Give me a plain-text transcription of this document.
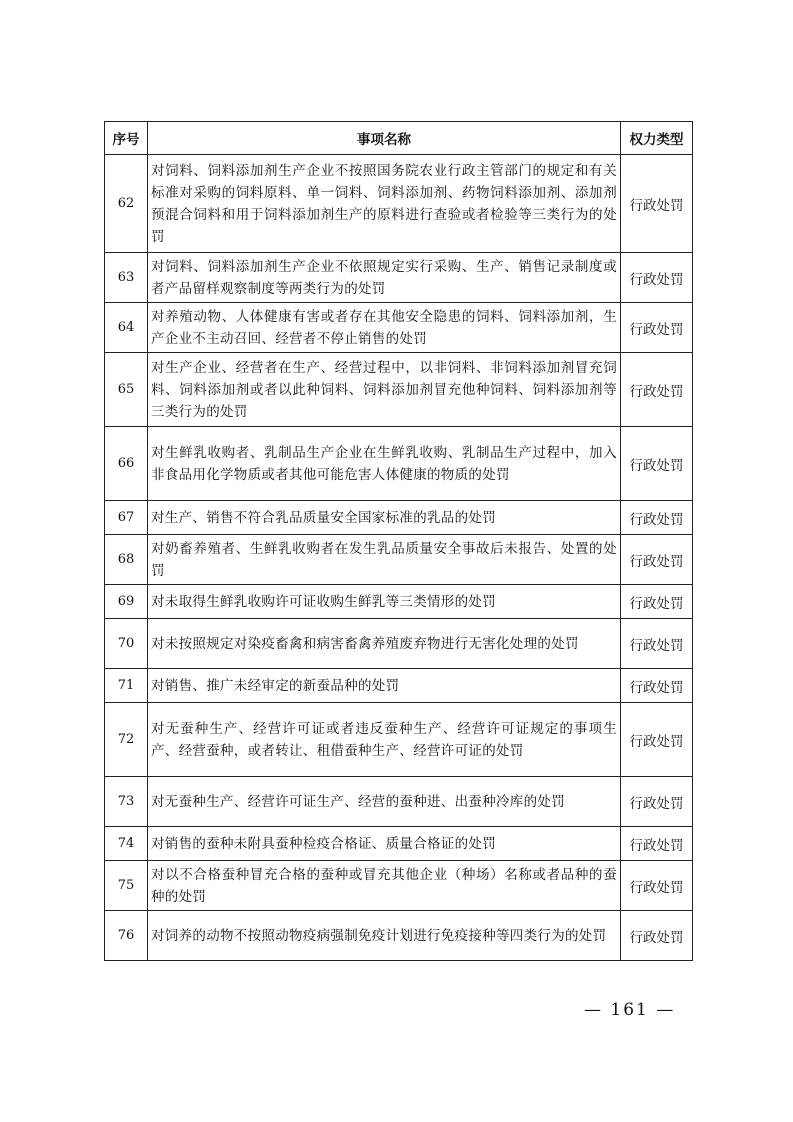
序号	事项名称	权力类型
62	对饲料、饲料添加剂生产企业不按照国务院农业行政主管部门的规定和有关标准对采购的饲料原料、单一饲料、饲料添加剂、药物饲料添加剂、添加剂预混合饲料和用于饲料添加剂生产的原料进行查验或者检验等三类行为的处罚	行政处罚
63	对饲料、饲料添加剂生产企业不依照规定实行采购、生产、销售记录制度或者产品留样观察制度等两类行为的处罚	行政处罚
64	对养殖动物、人体健康有害或者存在其他安全隐患的饲料、饲料添加剂，生产企业不主动召回、经营者不停止销售的处罚	行政处罚
65	对生产企业、经营者在生产、经营过程中，以非饲料、非饲料添加剂冒充饲料、饲料添加剂或者以此种饲料、饲料添加剂冒充他种饲料、饲料添加剂等三类行为的处罚	行政处罚
66	对生鲜乳收购者、乳制品生产企业在生鲜乳收购、乳制品生产过程中，加入非食品用化学物质或者其他可能危害人体健康的物质的处罚	行政处罚
67	对生产、销售不符合乳品质量安全国家标准的乳品的处罚	行政处罚
68	对奶畜养殖者、生鲜乳收购者在发生乳品质量安全事故后未报告、处置的处罚	行政处罚
69	对未取得生鲜乳收购许可证收购生鲜乳等三类情形的处罚	行政处罚
70	对未按照规定对染疫畜禽和病害畜禽养殖废弃物进行无害化处理的处罚	行政处罚
71	对销售、推广未经审定的新蚕品种的处罚	行政处罚
72	对无蚕种生产、经营许可证或者违反蚕种生产、经营许可证规定的事项生产、经营蚕种，或者转让、租借蚕种生产、经营许可证的处罚	行政处罚
73	对无蚕种生产、经营许可证生产、经营的蚕种进、出蚕种冷库的处罚	行政处罚
74	对销售的蚕种未附具蚕种检疫合格证、质量合格证的处罚	行政处罚
75	对以不合格蚕种冒充合格的蚕种或冒充其他企业（种场）名称或者品种的蚕种的处罚	行政处罚
76	对饲养的动物不按照动物疫病强制免疫计划进行免疫接种等四类行为的处罚	行政处罚
— 161 —
